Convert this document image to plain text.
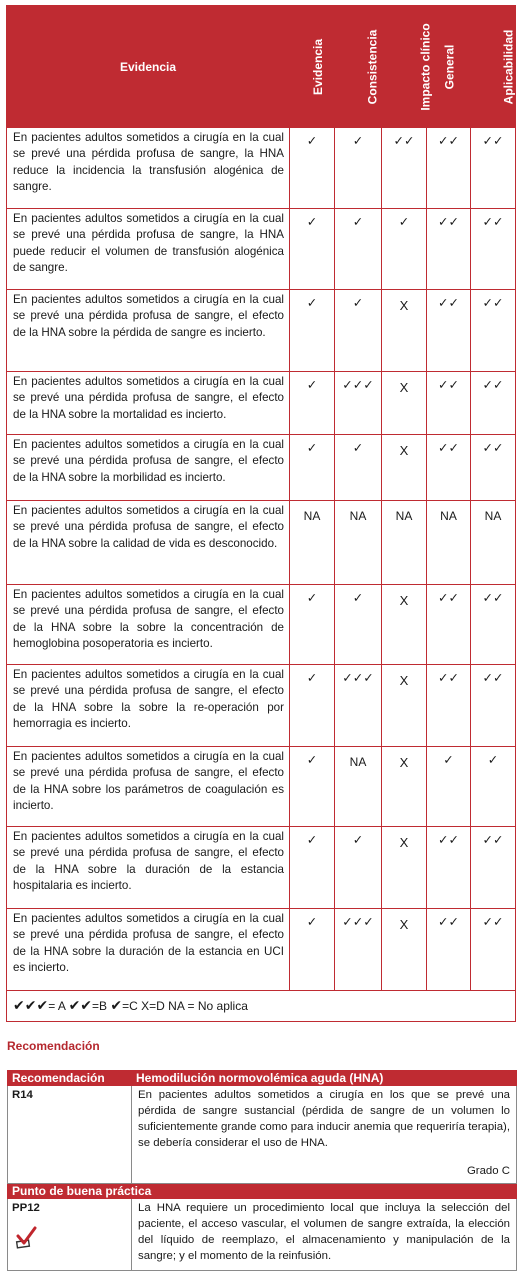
Evidencia	Evidencia	Consistencia	Impacto clínico	General	Aplicabilidad
En pacientes adultos sometidos a cirugía en la cual se prevé una pérdida profusa de sangre, la HNA reduce la incidencia la transfusión alogénica de sangre.	✓	✓	✓✓	✓✓	✓✓
En pacientes adultos sometidos a cirugía en la cual se prevé una pérdida profusa de sangre, la HNA puede reducir el volumen de transfusión alogénica de sangre.	✓	✓	✓	✓✓	✓✓
En pacientes adultos sometidos a cirugía en la cual se prevé una pérdida profusa de sangre, el efecto de la HNA sobre la pérdida de sangre es incierto.	✓	✓	X	✓✓	✓✓
En pacientes adultos sometidos a cirugía en la cual se prevé una pérdida profusa de sangre, el efecto de la HNA sobre la mortalidad es incierto.	✓	✓✓✓	X	✓✓	✓✓
En pacientes adultos sometidos a cirugía en la cual se prevé una pérdida profusa de sangre, el efecto de la HNA sobre la morbilidad es incierto.	✓	✓	X	✓✓	✓✓
En pacientes adultos sometidos a cirugía en la cual se prevé una pérdida profusa de sangre, el efecto de la HNA sobre la calidad de vida es desconocido.	NA	NA	NA	NA	NA
En pacientes adultos sometidos a cirugía en la cual se prevé una pérdida profusa de sangre, el efecto de la HNA sobre la sobre la concentración de hemoglobina posoperatoria es incierto.	✓	✓	X	✓✓	✓✓
En pacientes adultos sometidos a cirugía en la cual se prevé una pérdida profusa de sangre, el efecto de la HNA sobre la sobre la re-operación por hemorragia es incierto.	✓	✓✓✓	X	✓✓	✓✓
En pacientes adultos sometidos a cirugía en la cual se prevé una pérdida profusa de sangre, el efecto de la HNA sobre los parámetros de coagulación es incierto.	✓	NA	X	✓	✓
En pacientes adultos sometidos a cirugía en la cual se prevé una pérdida profusa de sangre, el efecto de la HNA sobre la duración de la estancia hospitalaria es incierto.	✓	✓	X	✓✓	✓✓
En pacientes adultos sometidos a cirugía en la cual se prevé una pérdida profusa de sangre, el efecto de la HNA sobre la duración de la estancia en UCI es incierto.	✓	✓✓✓	X	✓✓	✓✓
✔✔✔= A ✔✔=B ✔=C X=D NA = No aplica					
Recomendación
Recomendación	Hemodilución normovolémica aguda (HNA)
R14	En pacientes adultos sometidos a cirugía en los que se prevé una pérdida de sangre sustancial (pérdida de sangre de un volumen lo suficientemente grande como para inducir anemia que requeriría terapia), se debería considerar el uso de HNA.
Grado C

Punto de buena práctica	
PP12	La HNA requiere un procedimiento local que incluya la selección del paciente, el acceso vascular, el volumen de sangre extraída, la elección del líquido de reemplazo, el almacenamiento y manipulación de la sangre; y el momento de la reinfusión.
